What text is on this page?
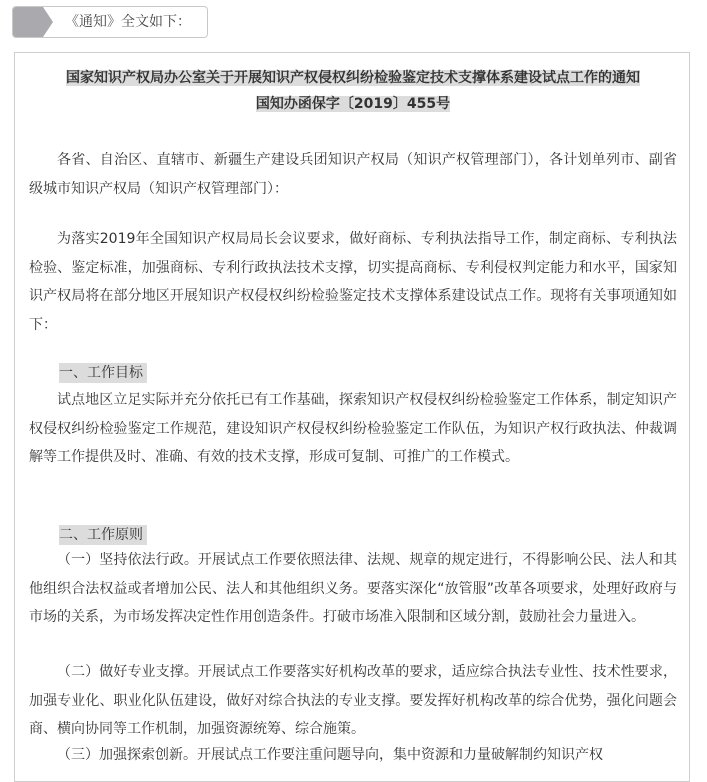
《通知》全文如下：
国家知识产权局办公室关于开展知识产权侵权纠纷检验鉴定技术支撑体系建设试点工作的通知
国知办函保字〔2019〕455号
各省、自治区、直辖市、新疆生产建设兵团知识产权局（知识产权管理部门），各计划单列市、副省级城市知识产权局（知识产权管理部门）：
为落实2019年全国知识产权局局长会议要求，做好商标、专利执法指导工作，制定商标、专利执法检验、鉴定标准，加强商标、专利行政执法技术支撑，切实提高商标、专利侵权判定能力和水平，国家知识产权局将在部分地区开展知识产权侵权纠纷检验鉴定技术支撑体系建设试点工作。现将有关事项通知如下：
一、工作目标
试点地区立足实际并充分依托已有工作基础，探索知识产权侵权纠纷检验鉴定工作体系，制定知识产权侵权纠纷检验鉴定工作规范，建设知识产权侵权纠纷检验鉴定工作队伍，为知识产权行政执法、仲裁调解等工作提供及时、准确、有效的技术支撑，形成可复制、可推广的工作模式。
二、工作原则
（一）坚持依法行政。开展试点工作要依照法律、法规、规章的规定进行，不得影响公民、法人和其他组织合法权益或者增加公民、法人和其他组织义务。要落实深化“放管服”改革各项要求，处理好政府与市场的关系，为市场发挥决定性作用创造条件。打破市场准入限制和区域分割，鼓励社会力量进入。
（二）做好专业支撑。开展试点工作要落实好机构改革的要求，适应综合执法专业性、技术性要求，加强专业化、职业化队伍建设，做好对综合执法的专业支撑。要发挥好机构改革的综合优势，强化问题会商、横向协同等工作机制，加强资源统筹、综合施策。
（三）加强探索创新。开展试点工作要注重问题导向，集中资源和力量破解制约知识产权
